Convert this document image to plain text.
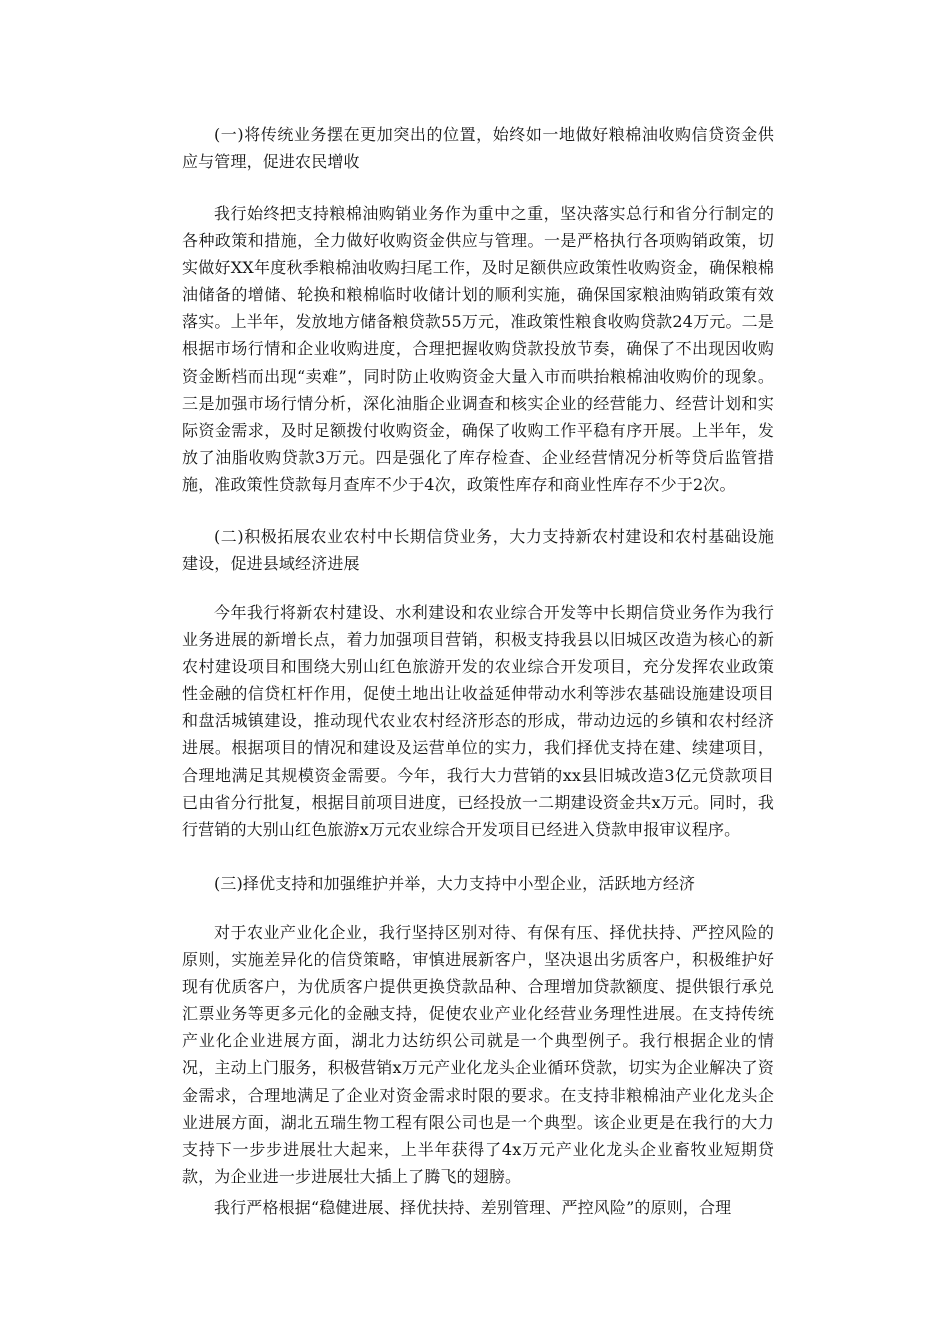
(一)将传统业务摆在更加突出的位置，始终如一地做好粮棉油收购信贷资金供应与管理，促进农民增收

我行始终把支持粮棉油购销业务作为重中之重，坚决落实总行和省分行制定的各种政策和措施，全力做好收购资金供应与管理。一是严格执行各项购销政策，切实做好XX年度秋季粮棉油收购扫尾工作，及时足额供应政策性收购资金，确保粮棉油储备的增储、轮换和粮棉临时收储计划的顺利实施，确保国家粮油购销政策有效落实。上半年，发放地方储备粮贷款55万元，准政策性粮食收购贷款24万元。二是根据市场行情和企业收购进度，合理把握收购贷款投放节奏，确保了不出现因收购资金断档而出现“卖难”，同时防止收购资金大量入市而哄抬粮棉油收购价的现象。三是加强市场行情分析，深化油脂企业调查和核实企业的经营能力、经营计划和实际资金需求，及时足额拨付收购资金，确保了收购工作平稳有序开展。上半年，发放了油脂收购贷款3万元。四是强化了库存检查、企业经营情况分析等贷后监管措施，准政策性贷款每月查库不少于4次，政策性库存和商业性库存不少于2次。

(二)积极拓展农业农村中长期信贷业务，大力支持新农村建设和农村基础设施建设，促进县域经济进展

今年我行将新农村建设、水利建设和农业综合开发等中长期信贷业务作为我行业务进展的新增长点，着力加强项目营销，积极支持我县以旧城区改造为核心的新农村建设项目和围绕大别山红色旅游开发的农业综合开发项目，充分发挥农业政策性金融的信贷杠杆作用，促使土地出让收益延伸带动水利等涉农基础设施建设项目和盘活城镇建设，推动现代农业农村经济形态的形成，带动边远的乡镇和农村经济进展。根据项目的情况和建设及运营单位的实力，我们择优支持在建、续建项目，合理地满足其规模资金需要。今年，我行大力营销的xx县旧城改造3亿元贷款项目已由省分行批复，根据目前项目进度，已经投放一二期建设资金共x万元。同时，我行营销的大别山红色旅游x万元农业综合开发项目已经进入贷款申报审议程序。

(三)择优支持和加强维护并举，大力支持中小型企业，活跃地方经济

对于农业产业化企业，我行坚持区别对待、有保有压、择优扶持、严控风险的原则，实施差异化的信贷策略，审慎进展新客户，坚决退出劣质客户，积极维护好现有优质客户，为优质客户提供更换贷款品种、合理增加贷款额度、提供银行承兑汇票业务等更多元化的金融支持，促使农业产业化经营业务理性进展。在支持传统产业化企业进展方面，湖北力达纺织公司就是一个典型例子。我行根据企业的情况，主动上门服务，积极营销x万元产业化龙头企业循环贷款，切实为企业解决了资金需求，合理地满足了企业对资金需求时限的要求。在支持非粮棉油产业化龙头企业进展方面，湖北五瑞生物工程有限公司也是一个典型。该企业更是在我行的大力支持下一步步进展壮大起来，上半年获得了4x万元产业化龙头企业畜牧业短期贷款，为企业进一步进展壮大插上了腾飞的翅膀。

我行严格根据“稳健进展、择优扶持、差别管理、严控风险”的原则，合理
